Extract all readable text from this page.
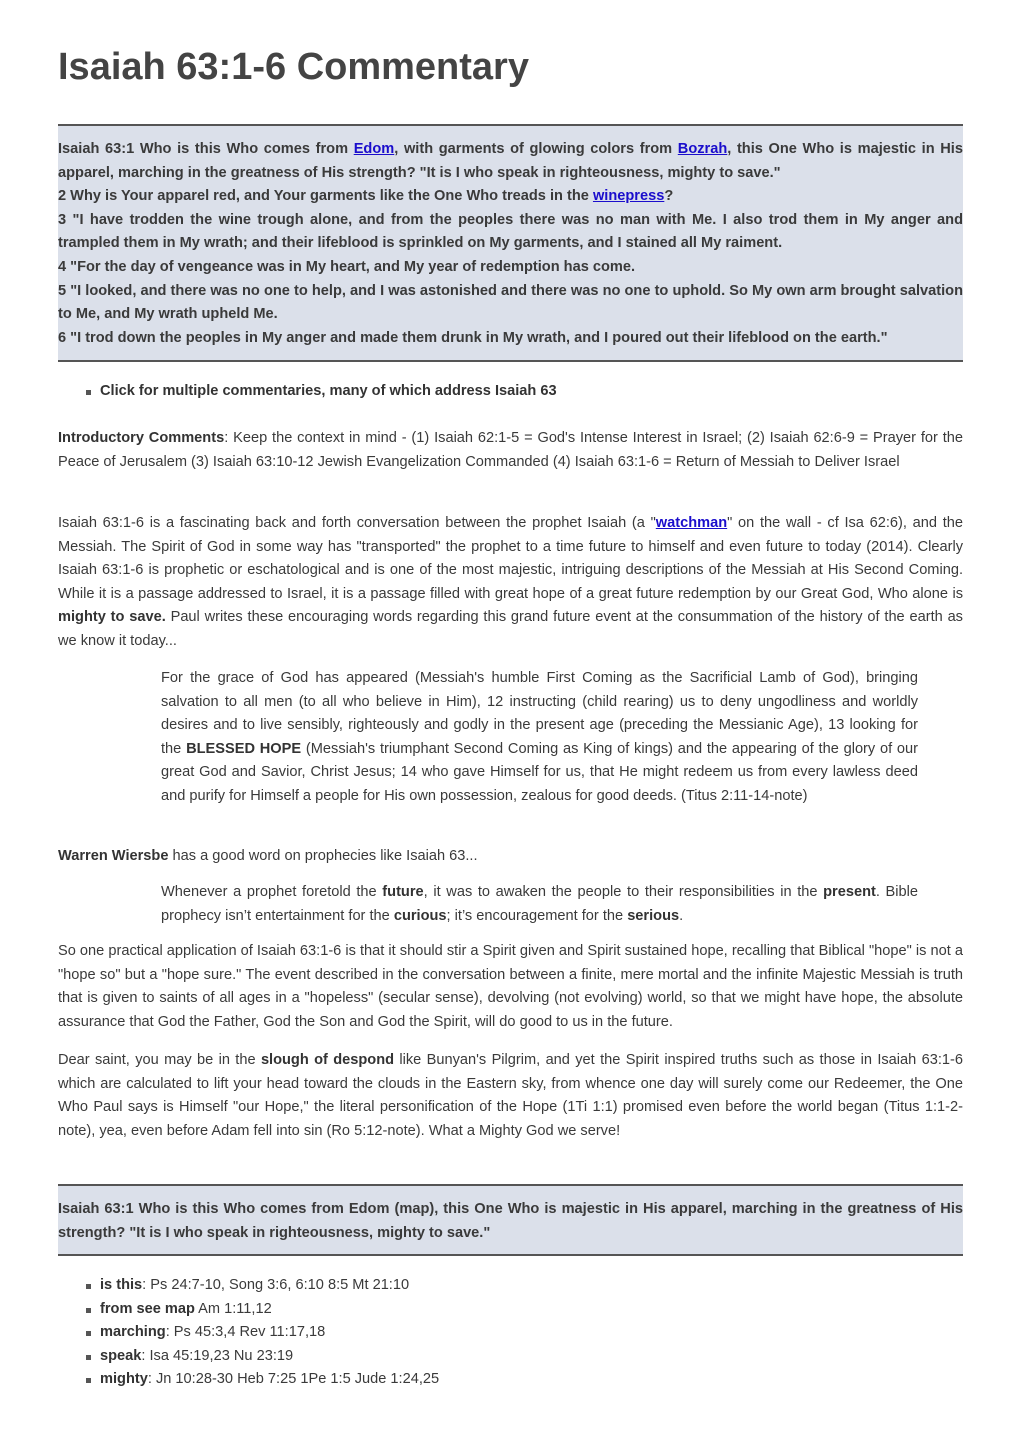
Isaiah 63:1-6 Commentary
Isaiah 63:1 Who is this Who comes from Edom, with garments of glowing colors from Bozrah, this One Who is majestic in His apparel, marching in the greatness of His strength? "It is I who speak in righteousness, mighty to save."
2 Why is Your apparel red, and Your garments like the One Who treads in the winepress?
3 "I have trodden the wine trough alone, and from the peoples there was no man with Me. I also trod them in My anger and trampled them in My wrath; and their lifeblood is sprinkled on My garments, and I stained all My raiment.
4 "For the day of vengeance was in My heart, and My year of redemption has come.
5 "I looked, and there was no one to help, and I was astonished and there was no one to uphold. So My own arm brought salvation to Me, and My wrath upheld Me.
6 "I trod down the peoples in My anger and made them drunk in My wrath, and I poured out their lifeblood on the earth."
Click for multiple commentaries, many of which address Isaiah 63

Introductory Comments: Keep the context in mind - (1) Isaiah 62:1-5 = God's Intense Interest in Israel; (2) Isaiah 62:6-9 = Prayer for the Peace of Jerusalem (3) Isaiah 63:10-12 Jewish Evangelization Commanded (4) Isaiah 63:1-6 = Return of Messiah to Deliver Israel

Isaiah 63:1-6 is a fascinating back and forth conversation between the prophet Isaiah (a "watchman" on the wall - cf Isa 62:6), and the Messiah. The Spirit of God in some way has "transported" the prophet to a time future to himself and even future to today (2014). Clearly Isaiah 63:1-6 is prophetic or eschatological and is one of the most majestic, intriguing descriptions of the Messiah at His Second Coming. While it is a passage addressed to Israel, it is a passage filled with great hope of a great future redemption by our Great God, Who alone is mighty to save. Paul writes these encouraging words regarding this grand future event at the consummation of the history of the earth as we know it today...

For the grace of God has appeared (Messiah's humble First Coming as the Sacrificial Lamb of God), bringing salvation to all men (to all who believe in Him), 12 instructing (child rearing) us to deny ungodliness and worldly desires and to live sensibly, righteously and godly in the present age (preceding the Messianic Age), 13 looking for the BLESSED HOPE (Messiah's triumphant Second Coming as King of kings) and the appearing of the glory of our great God and Savior, Christ Jesus; 14 who gave Himself for us, that He might redeem us from every lawless deed and purify for Himself a people for His own possession, zealous for good deeds. (Titus 2:11-14-note)

Warren Wiersbe has a good word on prophecies like Isaiah 63...

Whenever a prophet foretold the future, it was to awaken the people to their responsibilities in the present. Bible prophecy isn’t entertainment for the curious; it’s encouragement for the serious.

So one practical application of Isaiah 63:1-6 is that it should stir a Spirit given and Spirit sustained hope, recalling that Biblical "hope" is not a "hope so" but a "hope sure." The event described in the conversation between a finite, mere mortal and the infinite Majestic Messiah is truth that is given to saints of all ages in a "hopeless" (secular sense), devolving (not evolving) world, so that we might have hope, the absolute assurance that God the Father, God the Son and God the Spirit, will do good to us in the future.

Dear saint, you may be in the slough of despond like Bunyan's Pilgrim, and yet the Spirit inspired truths such as those in Isaiah 63:1-6 which are calculated to lift your head toward the clouds in the Eastern sky, from whence one day will surely come our Redeemer, the One Who Paul says is Himself "our Hope," the literal personification of the Hope (1Ti 1:1) promised even before the world began (Titus 1:1-2-note), yea, even before Adam fell into sin (Ro 5:12-note). What a Mighty God we serve!

Isaiah 63:1 Who is this Who comes from Edom (map), this One Who is majestic in His apparel, marching in the greatness of His strength? "It is I who speak in righteousness, mighty to save."
is this: Ps 24:7-10, Song 3:6, 6:10 8:5 Mt 21:10
from see map Am 1:11,12
marching: Ps 45:3,4 Rev 11:17,18
speak: Isa 45:19,23 Nu 23:19
mighty: Jn 10:28-30 Heb 7:25 1Pe 1:5 Jude 1:24,25
